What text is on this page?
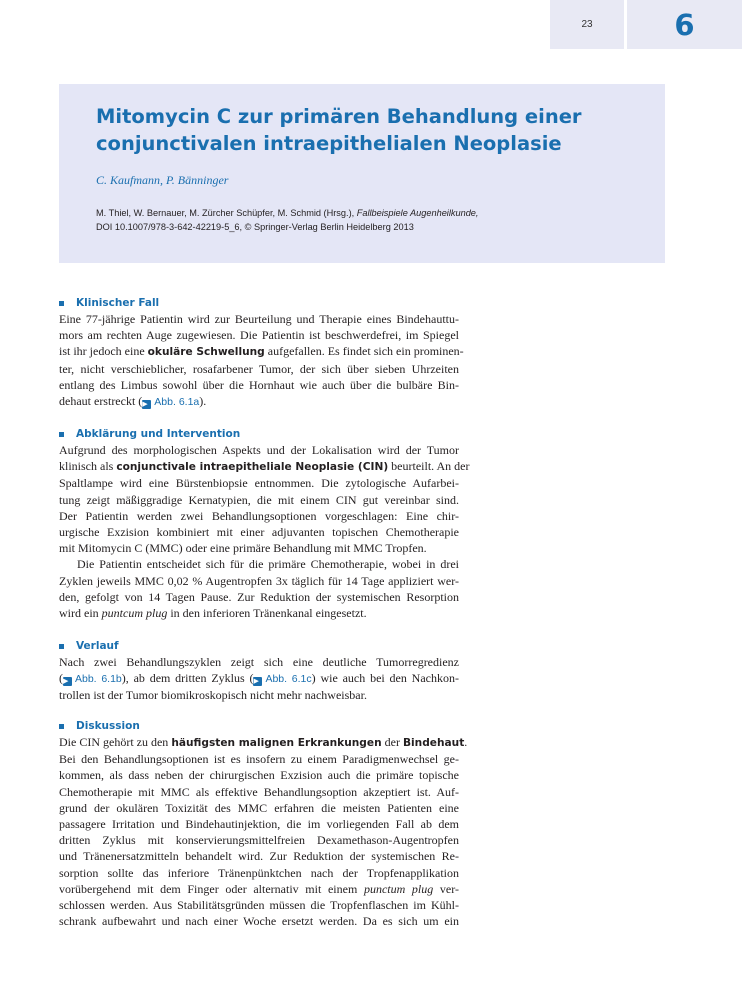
23	6
Mitomycin C zur primären Behandlung einer
conjunctivalen intraepithelialen Neoplasie

C. Kaufmann, P. Bänninger

M. Thiel, W. Bernauer, M. Zürcher Schüpfer, M. Schmid (Hrsg.), Fallbeispiele Augenheilkunde,
DOI 10.1007/978-3-642-42219-5_6, © Springer-Verlag Berlin Heidelberg 2013

Klinischer Fall
Eine 77-jährige Patientin wird zur Beurteilung und Therapie eines Bindehauttu-
mors am rechten Auge zugewiesen. Die Patientin ist beschwerdefrei, im Spiegel
ist ihr jedoch eine okuläre Schwellung aufgefallen. Es findet sich ein prominen-
ter, nicht verschieblicher, rosafarbener Tumor, der sich über sieben Uhrzeiten
entlang des Limbus sowohl über die Hornhaut wie auch über die bulbäre Bin-
dehaut erstreckt (▶ Abb. 6.1a).
Abklärung und Intervention
Aufgrund des morphologischen Aspekts und der Lokalisation wird der Tumor
klinisch als conjunctivale intraepitheliale Neoplasie (CIN) beurteilt. An der
Spaltlampe wird eine Bürstenbiopsie entnommen. Die zytologische Aufarbei-
tung zeigt mäßiggradige Kernatypien, die mit einem CIN gut vereinbar sind.
Der Patientin werden zwei Behandlungsoptionen vorgeschlagen: Eine chir-
urgische Exzision kombiniert mit einer adjuvanten topischen Chemotherapie
mit Mitomycin C (MMC) oder eine primäre Behandlung mit MMC Tropfen.
Die Patientin entscheidet sich für die primäre Chemotherapie, wobei in drei
Zyklen jeweils MMC 0,02 % Augentropfen 3x täglich für 14 Tage appliziert wer-
den, gefolgt von 14 Tagen Pause. Zur Reduktion der systemischen Resorption
wird ein puntcum plug in den inferioren Tränenkanal eingesetzt.
Verlauf
Nach zwei Behandlungszyklen zeigt sich eine deutliche Tumorregredienz
(▶ Abb. 6.1b), ab dem dritten Zyklus (▶ Abb. 6.1c) wie auch bei den Nachkon-
trollen ist der Tumor biomikroskopisch nicht mehr nachweisbar.
Diskussion
Die CIN gehört zu den häufigsten malignen Erkrankungen der Bindehaut.
Bei den Behandlungsoptionen ist es insofern zu einem Paradigmenwechsel ge-
kommen, als dass neben der chirurgischen Exzision auch die primäre topische
Chemotherapie mit MMC als effektive Behandlungsoption akzeptiert ist. Auf-
grund der okulären Toxizität des MMC erfahren die meisten Patienten eine
passagere Irritation und Bindehautinjektion, die im vorliegenden Fall ab dem
dritten Zyklus mit konservierungsmittelfreien Dexamethason-Augentropfen
und Tränenersatzmitteln behandelt wird. Zur Reduktion der systemischen Re-
sorption sollte das inferiore Tränenpünktchen nach der Tropfenapplikation
vorübergehend mit dem Finger oder alternativ mit einem punctum plug ver-
schlossen werden. Aus Stabilitätsgründen müssen die Tropfenflaschen im Kühl-
schrank aufbewahrt und nach einer Woche ersetzt werden. Da es sich um ein
